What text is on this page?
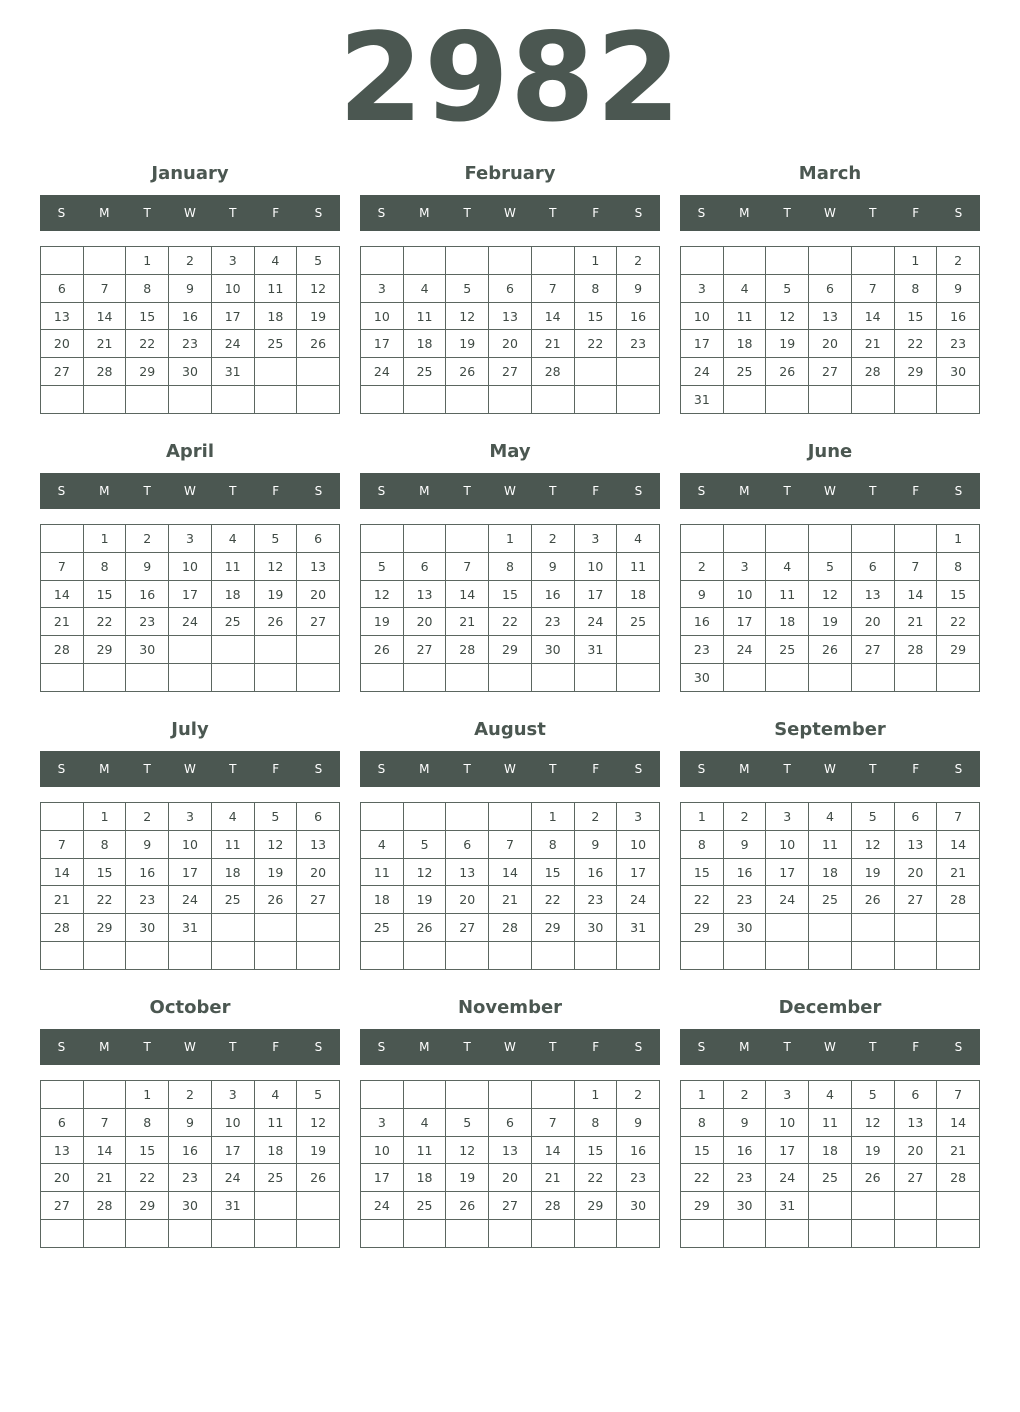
2982
January
S	M	T	W	T	F	S
		1	2	3	4	5
6	7	8	9	10	11	12
13	14	15	16	17	18	19
20	21	22	23	24	25	26
27	28	29	30	31		

February
S	M	T	W	T	F	S
					1	2
3	4	5	6	7	8	9
10	11	12	13	14	15	16
17	18	19	20	21	22	23
24	25	26	27	28		

March
S	M	T	W	T	F	S
					1	2
3	4	5	6	7	8	9
10	11	12	13	14	15	16
17	18	19	20	21	22	23
24	25	26	27	28	29	30
31						
April
S	M	T	W	T	F	S
	1	2	3	4	5	6
7	8	9	10	11	12	13
14	15	16	17	18	19	20
21	22	23	24	25	26	27
28	29	30				

May
S	M	T	W	T	F	S
			1	2	3	4
5	6	7	8	9	10	11
12	13	14	15	16	17	18
19	20	21	22	23	24	25
26	27	28	29	30	31	

June
S	M	T	W	T	F	S
						1
2	3	4	5	6	7	8
9	10	11	12	13	14	15
16	17	18	19	20	21	22
23	24	25	26	27	28	29
30						
July
S	M	T	W	T	F	S
	1	2	3	4	5	6
7	8	9	10	11	12	13
14	15	16	17	18	19	20
21	22	23	24	25	26	27
28	29	30	31			

August
S	M	T	W	T	F	S
				1	2	3
4	5	6	7	8	9	10
11	12	13	14	15	16	17
18	19	20	21	22	23	24
25	26	27	28	29	30	31

September
S	M	T	W	T	F	S
1	2	3	4	5	6	7
8	9	10	11	12	13	14
15	16	17	18	19	20	21
22	23	24	25	26	27	28
29	30					

October
S	M	T	W	T	F	S
		1	2	3	4	5
6	7	8	9	10	11	12
13	14	15	16	17	18	19
20	21	22	23	24	25	26
27	28	29	30	31		

November
S	M	T	W	T	F	S
					1	2
3	4	5	6	7	8	9
10	11	12	13	14	15	16
17	18	19	20	21	22	23
24	25	26	27	28	29	30

December
S	M	T	W	T	F	S
1	2	3	4	5	6	7
8	9	10	11	12	13	14
15	16	17	18	19	20	21
22	23	24	25	26	27	28
29	30	31				
